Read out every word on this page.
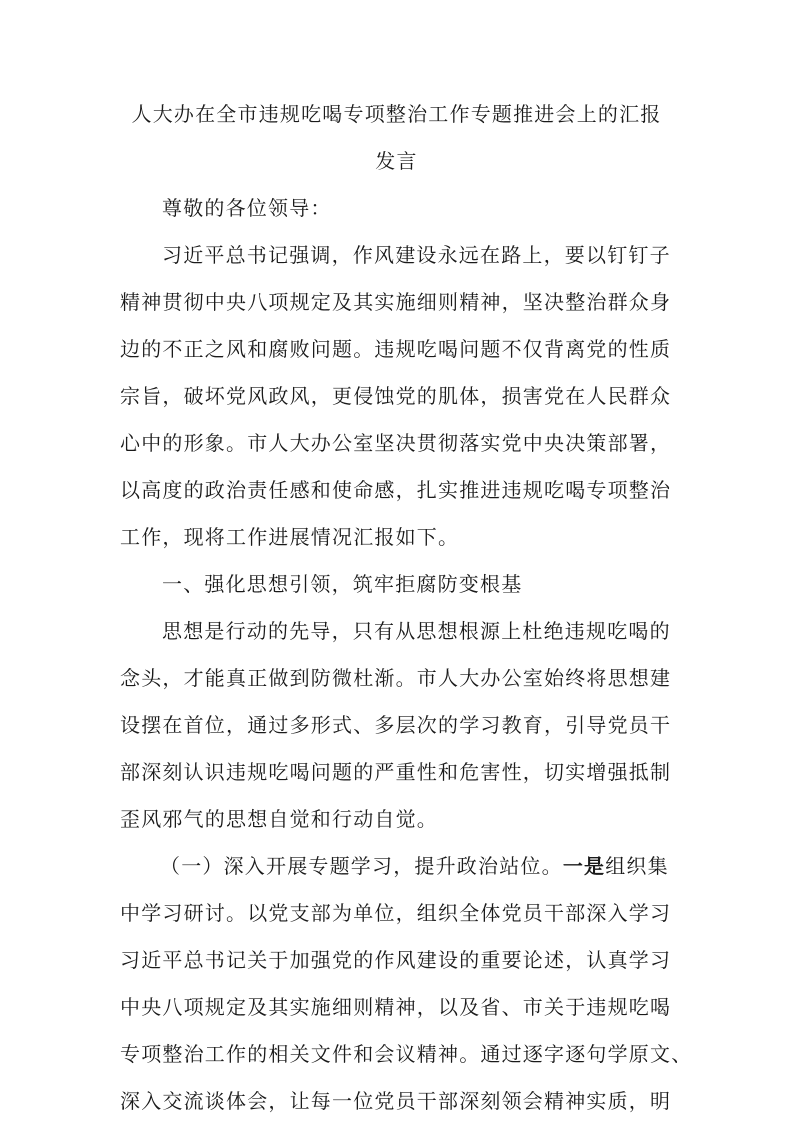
人大办在全市违规吃喝专项整治工作专题推进会上的汇报

发言

尊敬的各位领导：

习近平总书记强调，作风建设永远在路上，要以钉钉子

精神贯彻中央八项规定及其实施细则精神，坚决整治群众身

边的不正之风和腐败问题。违规吃喝问题不仅背离党的性质

宗旨，破坏党风政风，更侵蚀党的肌体，损害党在人民群众

心中的形象。市人大办公室坚决贯彻落实党中央决策部署，

以高度的政治责任感和使命感，扎实推进违规吃喝专项整治

工作，现将工作进展情况汇报如下。

一、强化思想引领，筑牢拒腐防变根基

思想是行动的先导，只有从思想根源上杜绝违规吃喝的

念头，才能真正做到防微杜渐。市人大办公室始终将思想建

设摆在首位，通过多形式、多层次的学习教育，引导党员干

部深刻认识违规吃喝问题的严重性和危害性，切实增强抵制

歪风邪气的思想自觉和行动自觉。

（一）深入开展专题学习，提升政治站位。一是组织集

中学习研讨。以党支部为单位，组织全体党员干部深入学习

习近平总书记关于加强党的作风建设的重要论述，认真学习

中央八项规定及其实施细则精神，以及省、市关于违规吃喝

专项整治工作的相关文件和会议精神。通过逐字逐句学原文、

深入交流谈体会，让每一位党员干部深刻领会精神实质，明
